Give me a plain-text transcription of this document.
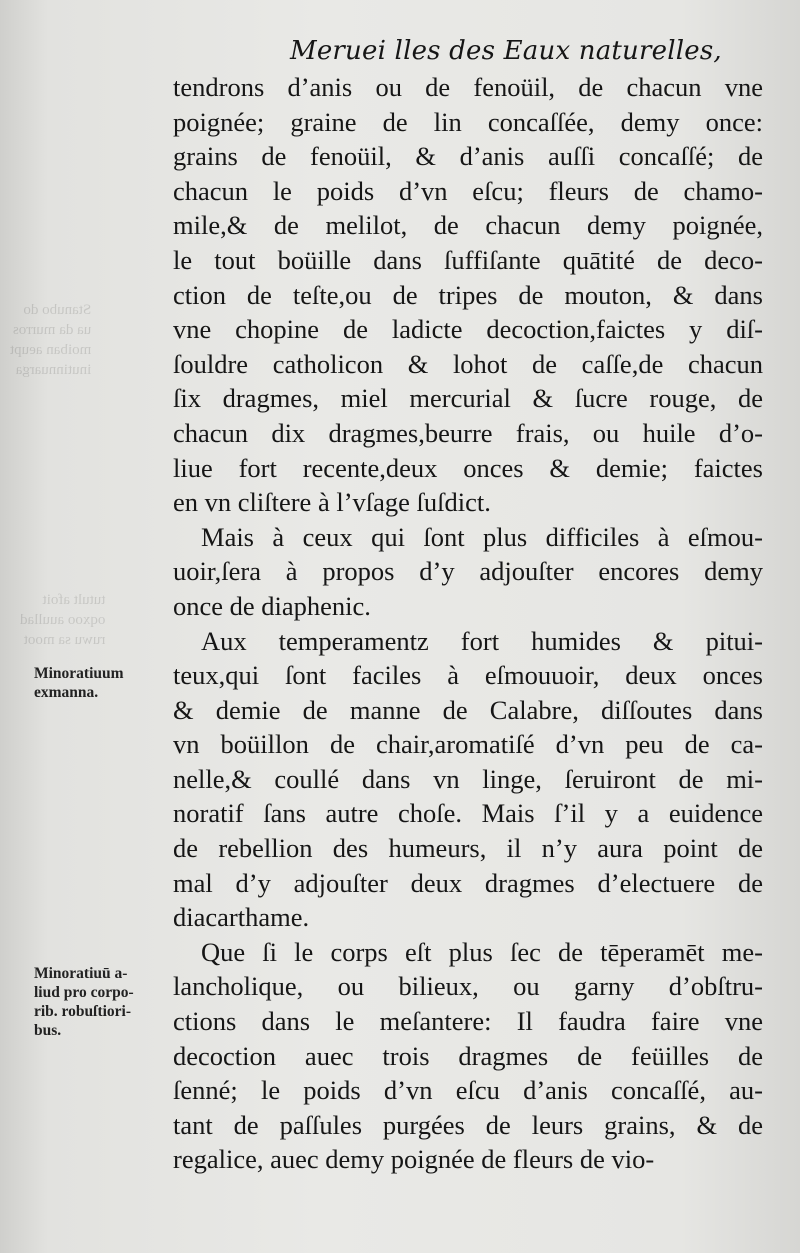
Stanubo do
ua da murros
moiban aeupt
inutinnuarga
tutult afoit
oqxoo auullad
ruwu sa moot
Meruei lles des Eaux naturelles,
tendrons d’anis ou de fenoüil, de chacun vne
poignée; graine de lin concaſſée, demy once:
grains de fenoüil, & d’anis auſſi concaſſé; de
chacun le poids d’vn eſcu; fleurs de chamo-
mile,& de melilot, de chacun demy poignée,
le tout boüille dans ſuffiſante quātité de deco-
ction de teſte,ou de tripes de mouton, & dans
vne chopine de ladicte decoction,faictes y diſ-
ſouldre catholicon & lohot de caſſe,de chacun
ſix dragmes, miel mercurial & ſucre rouge, de
chacun dix dragmes,beurre frais, ou huile d’o-
liue fort recente,deux onces & demie; faictes
en vn cliſtere à l’vſage ſuſdict.
Mais à ceux qui ſont plus difficiles à eſmou-
uoir,ſera à propos d’y adjouſter encores demy
once de diaphenic.
Aux temperamentz fort humides & pitui-
teux,qui ſont faciles à eſmouuoir, deux onces
& demie de manne de Calabre, diſſoutes dans
vn boüillon de chair,aromatiſé d’vn peu de ca-
nelle,& coullé dans vn linge, ſeruiront de mi-
noratif ſans autre choſe. Mais ſ’il y a euidence
de rebellion des humeurs, il n’y aura point de
mal d’y adjouſter deux dragmes d’electuere de
diacarthame.
Que ſi le corps eſt plus ſec de tēperamēt me-
lancholique, ou bilieux, ou garny d’obſtru-
ctions dans le meſantere: Il faudra faire vne
decoction auec trois dragmes de feüilles de
ſenné; le poids d’vn eſcu d’anis concaſſé, au-
tant de paſſules purgées de leurs grains, & de
regalice, auec demy poignée de fleurs de vio-
Minoratiuum
exmanna.
Minoratiuū a-
liud pro corpo-
rib. robuſtiori-
bus.
